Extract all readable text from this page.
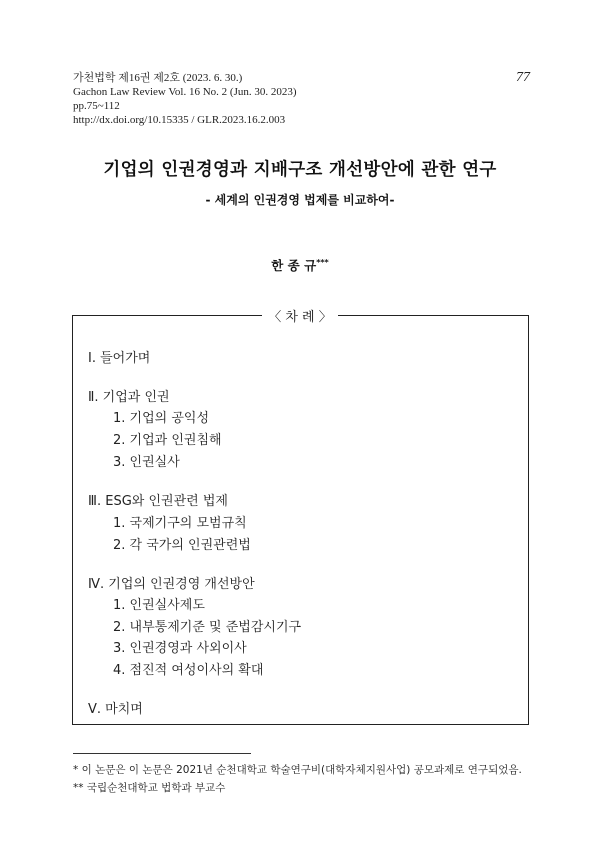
가천법학 제16권 제2호 (2023. 6. 30.)
Gachon Law Review Vol. 16 No. 2 (Jun. 30. 2023)
pp.75~112
http://dx.doi.org/10.15335 / GLR.2023.16.2.003
77
기업의 인권경영과 지배구조 개선방안에 관한 연구
- 세계의 인권경영 법제를 비교하여-
한 종 규***
〈 차 례 〉
Ⅰ. 들어가며
Ⅱ. 기업과 인권
1. 기업의 공익성
2. 기업과 인권침해
3. 인권실사
Ⅲ. ESG와 인권관련 법제
1. 국제기구의 모범규칙
2. 각 국가의 인권관련법
Ⅳ. 기업의 인권경영 개선방안
1. 인권실사제도
2. 내부통제기준 및 준법감시기구
3. 인권경영과 사외이사
4. 점진적 여성이사의 확대
Ⅴ. 마치며
* 이 논문은 이 논문은 2021년 순천대학교 학술연구비(대학자체지원사업) 공모과제로 연구되었음.
** 국립순천대학교 법학과 부교수
